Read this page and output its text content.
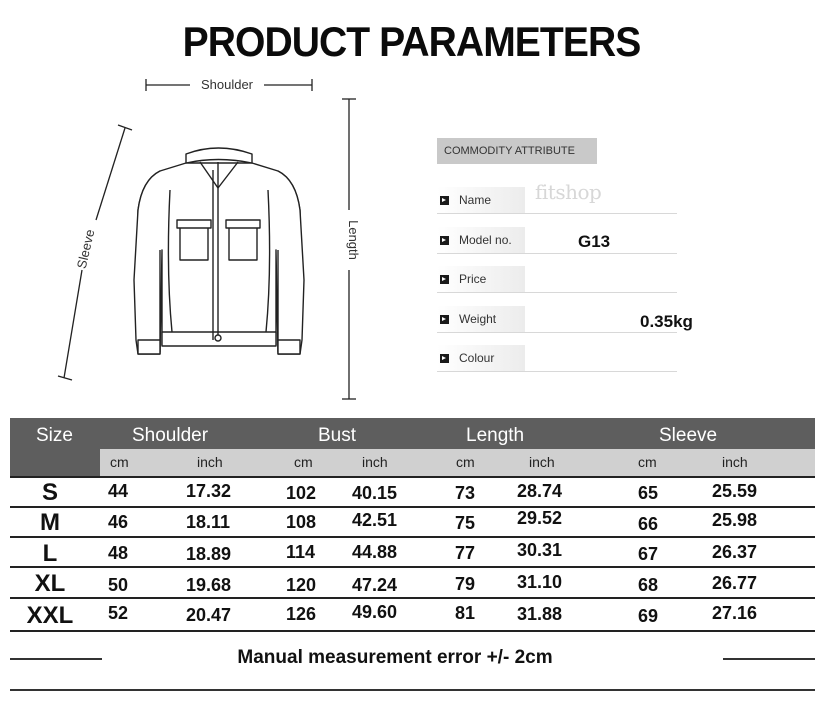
PRODUCT PARAMETERS
Shoulder
Length
Sleeve
COMMODITY ATTRIBUTE
fitshop
Name
Model no.	G13
Price
Weight	0.35kg
Colour
Size	Shoulder	Bust	Length	Sleeve
cm	inch	cm	inch	cm	inch	cm	inch
S	44	17.32	102 40.15	73 28.74	65	25.59
M	46	18.11	108 42.51	75 29.52	66	25.98
L	48	18.89	114 44.88	77 30.31	67	26.37
XL	50	19.68	120 47.24	79 31.10	68	26.77
XXL	52	20.47	126 49.60	81 31.88	69	27.16
Manual measurement error +/- 2cm
